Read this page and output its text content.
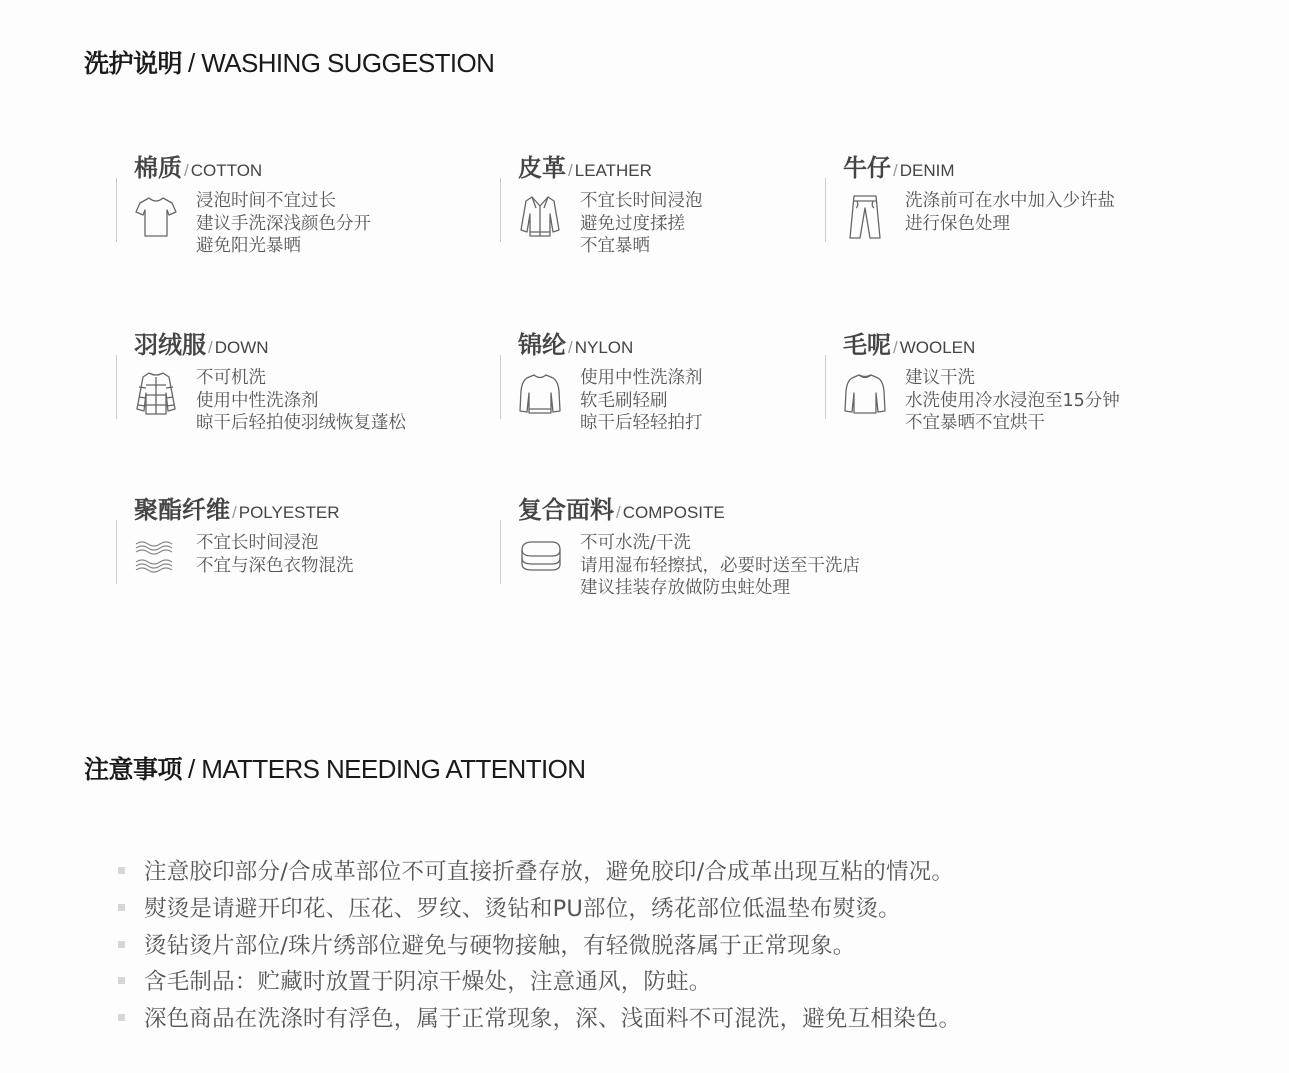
洗护说明 / WASHING SUGGESTION
棉质 / COTTON
浸泡时间不宜过长
建议手洗深浅颜色分开
避免阳光暴晒
皮革 / LEATHER
不宜长时间浸泡
避免过度揉搓
不宜暴晒
牛仔 / DENIM
洗涤前可在水中加入少许盐
进行保色处理
羽绒服 / DOWN
不可机洗
使用中性洗涤剂
晾干后轻拍使羽绒恢复蓬松
锦纶 / NYLON
使用中性洗涤剂
软毛刷轻刷
晾干后轻轻拍打
毛呢 / WOOLEN
建议干洗
水洗使用冷水浸泡至15分钟
不宜暴晒不宜烘干
聚酯纤维 / POLYESTER
不宜长时间浸泡
不宜与深色衣物混洗
复合面料 / COMPOSITE
不可水洗/干洗
请用湿布轻擦拭，必要时送至干洗店
建议挂装存放做防虫蛀处理
注意事项 / MATTERS NEEDING ATTENTION
注意胶印部分/合成革部位不可直接折叠存放，避免胶印/合成革出现互粘的情况。
熨烫是请避开印花、压花、罗纹、烫钻和PU部位，绣花部位低温垫布熨烫。
烫钻烫片部位/珠片绣部位避免与硬物接触，有轻微脱落属于正常现象。
含毛制品：贮藏时放置于阴凉干燥处，注意通风，防蛀。
深色商品在洗涤时有浮色，属于正常现象，深、浅面料不可混洗，避免互相染色。
